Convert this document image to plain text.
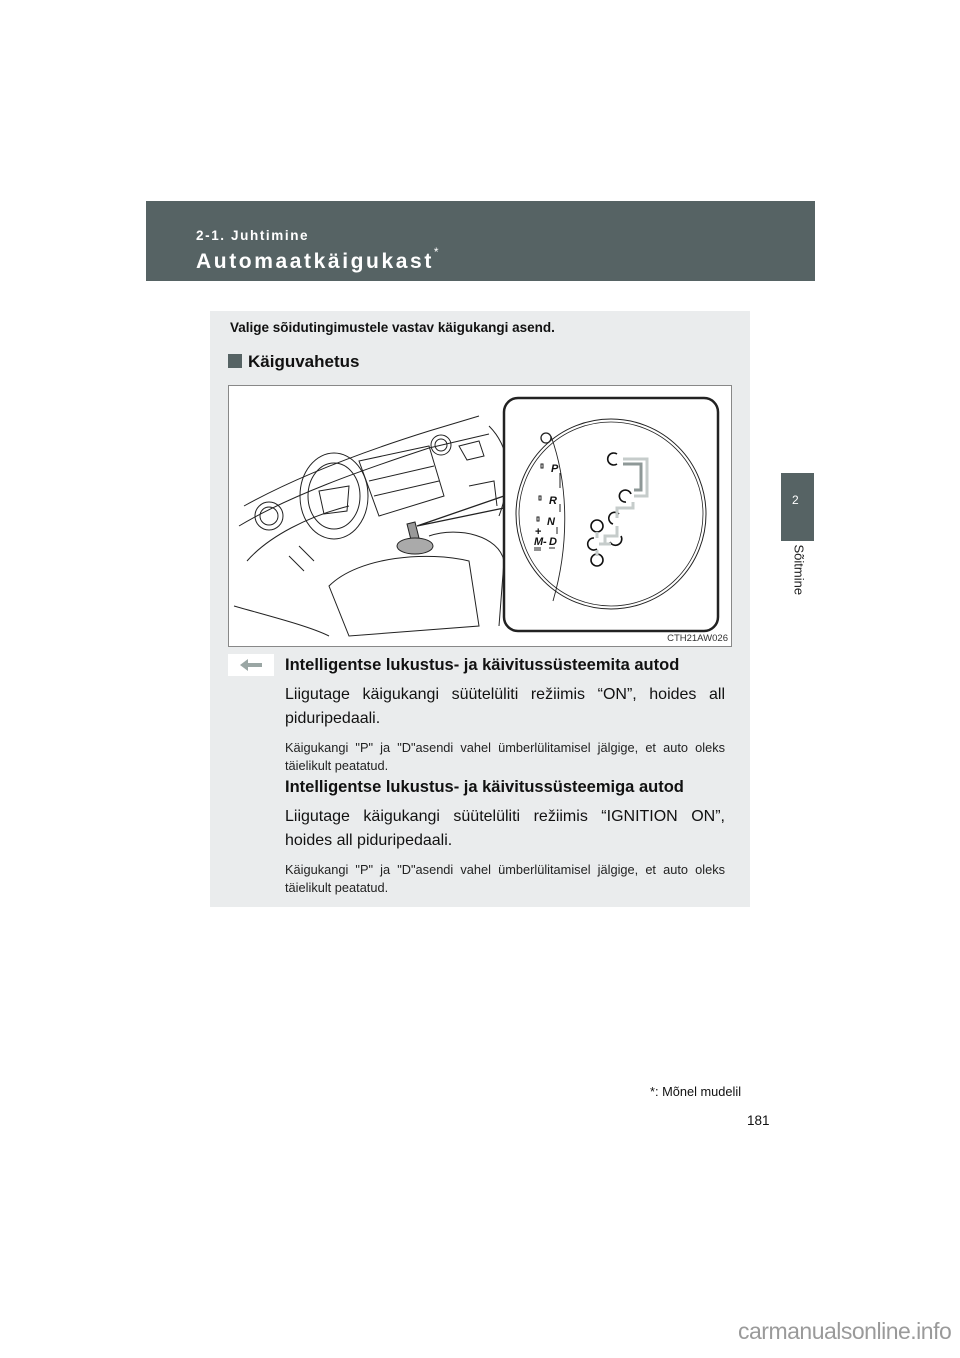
2-1. Juhtimine
Automaatkäigukast*
2
Sõitmine
Valige sõidutingimustele vastav käigukangi asend.
Käiguvahetus
P
R
N
D
M
+
-
CTH21AW026
Intelligentse lukustus- ja käivitussüsteemita autod

Liigutage käigukangi süütelüliti režiimis “ON”, hoides all piduripedaali.

Käigukangi "P" ja "D"asendi vahel ümberlülitamisel jälgige, et auto oleks täielikult peatatud.

Intelligentse lukustus- ja käivitussüsteemiga autod

Liigutage käigukangi süütelüliti režiimis “IGNITION ON”, hoides all piduripedaali.

Käigukangi "P" ja "D"asendi vahel ümberlülitamisel jälgige, et auto oleks täielikult peatatud.

*: Mõnel mudelil
181
carmanualsonline.info
